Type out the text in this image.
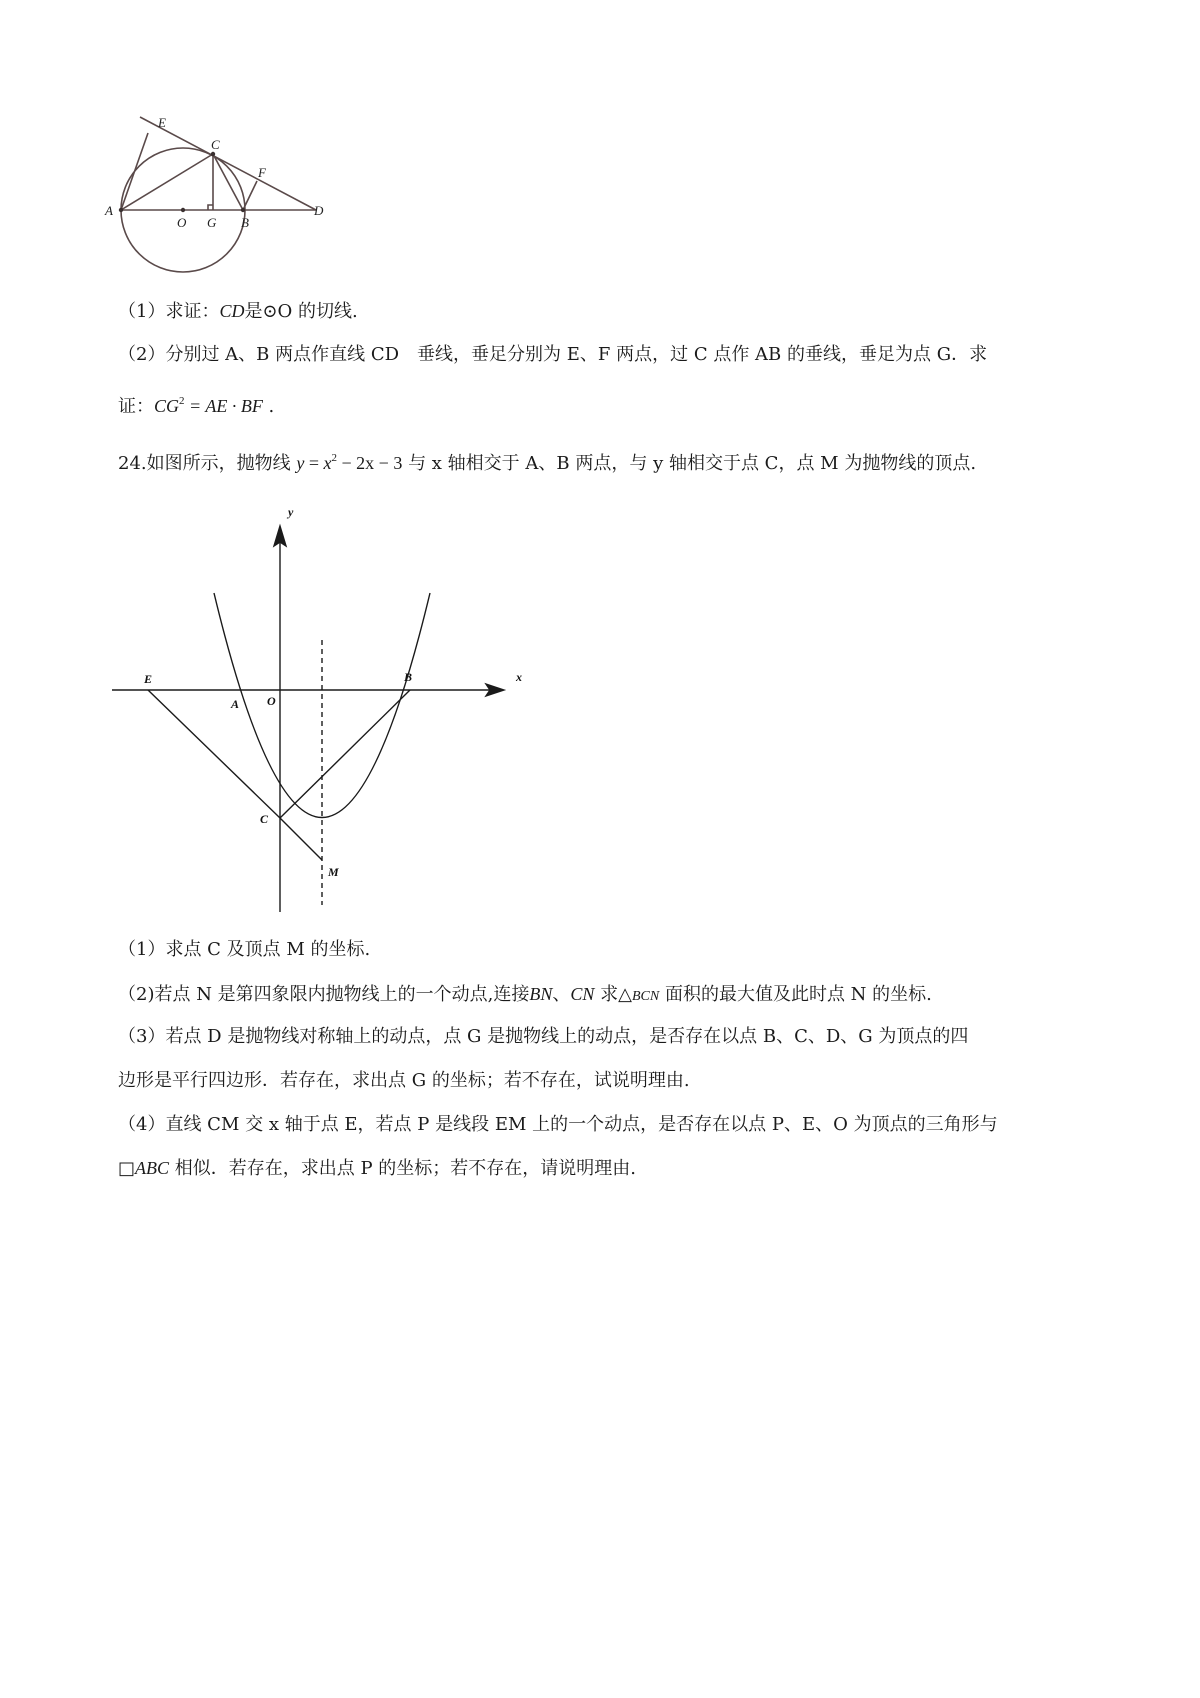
E
C
F
A
O G B
D
（1）求证：CD是⊙O 的切线.
（2）分别过 A、B 两点作直线 CD　垂线，垂足分别为 E、F 两点，过 C 点作 AB 的垂线，垂足为点 G．求
证：$CG^2$ = AE · BF .
24.如图所示，抛物线 $y = x^2 - 2x - 3$ 与 x 轴相交于 A、B 两点，与 y 轴相交于点 C，点 M 为抛物线的顶点.
y
x
E
A O
B
C
M
（1）求点 C 及顶点 M 的坐标.
（2)若点 N 是第四象限内抛物线上的一个动点,连接BN、CN 求△BCN 面积的最大值及此时点 N 的坐标.
（3）若点 D 是抛物线对称轴上的动点，点 G 是抛物线上的动点，是否存在以点 B、C、D、G 为顶点的四
边形是平行四边形．若存在，求出点 G 的坐标；若不存在，试说明理由.
（4）直线 CM 交 x 轴于点 E，若点 P 是线段 EM 上的一个动点，是否存在以点 P、E、O 为顶点的三角形与
□ABC 相似．若存在，求出点 P 的坐标；若不存在，请说明理由.
